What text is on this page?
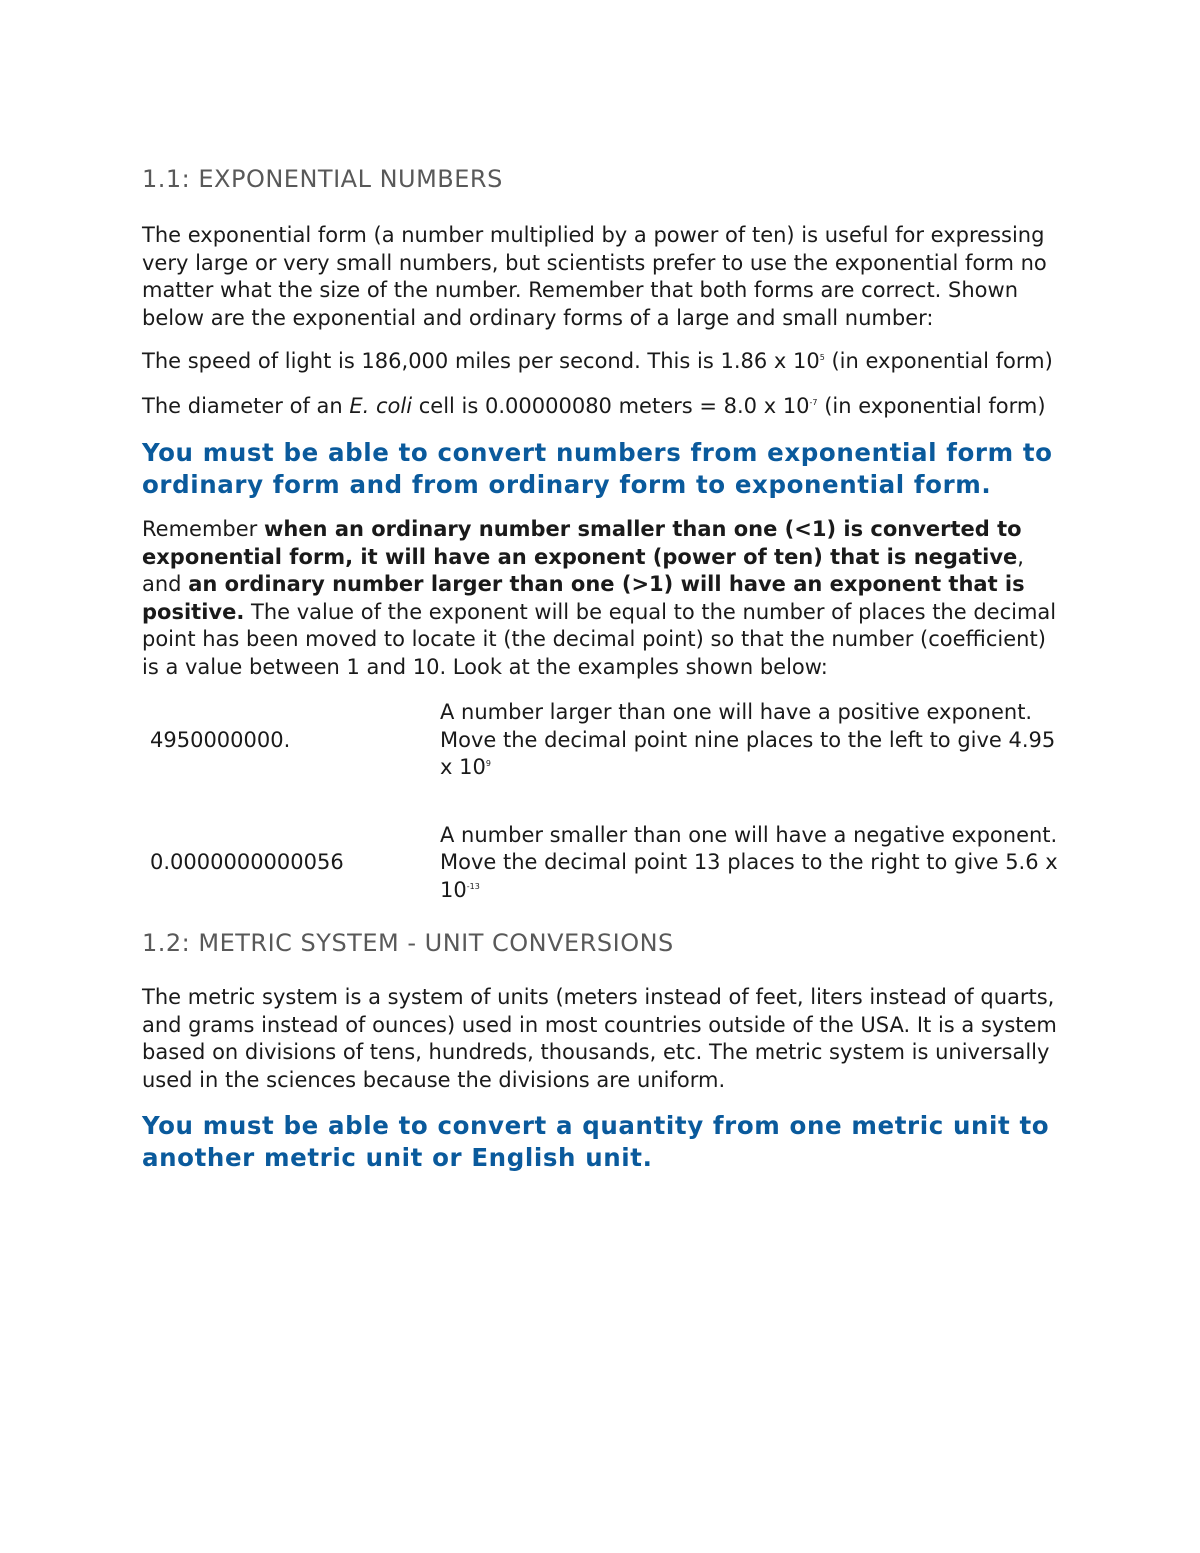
1.1: EXPONENTIAL NUMBERS

The exponential form (a number multiplied by a power of ten) is useful for expressing very large or very small numbers, but scientists prefer to use the exponential form no matter what the size of the number. Remember that both forms are correct. Shown below are the exponential and ordinary forms of a large and small number:

The speed of light is 186,000 miles per second. This is 1.86 x $10^5$ (in exponential form)

The diameter of an E. coli cell is 0.00000080 meters = 8.0 x $10^{-7}$ (in exponential form)

You must be able to convert numbers from exponential form to ordinary form and from ordinary form to exponential form.

Remember when an ordinary number smaller than one (<1) is converted to exponential form, it will have an exponent (power of ten) that is negative, and an ordinary number larger than one (>1) will have an exponent that is positive. The value of the exponent will be equal to the number of places the decimal point has been moved to locate it (the decimal point) so that the number (coefficient) is a value between 1 and 10. Look at the examples shown below:

4950000000.	A number larger than one will have a positive exponent. Move the decimal point nine places to the left to give 4.95 x $10^9$
0.0000000000056	A number smaller than one will have a negative exponent. Move the decimal point 13 places to the right to give 5.6 x $10^{-13}$
1.2: METRIC SYSTEM - UNIT CONVERSIONS

The metric system is a system of units (meters instead of feet, liters instead of quarts, and grams instead of ounces) used in most countries outside of the USA. It is a system based on divisions of tens, hundreds, thousands, etc. The metric system is universally used in the sciences because the divisions are uniform.

You must be able to convert a quantity from one metric unit to another metric unit or English unit.
